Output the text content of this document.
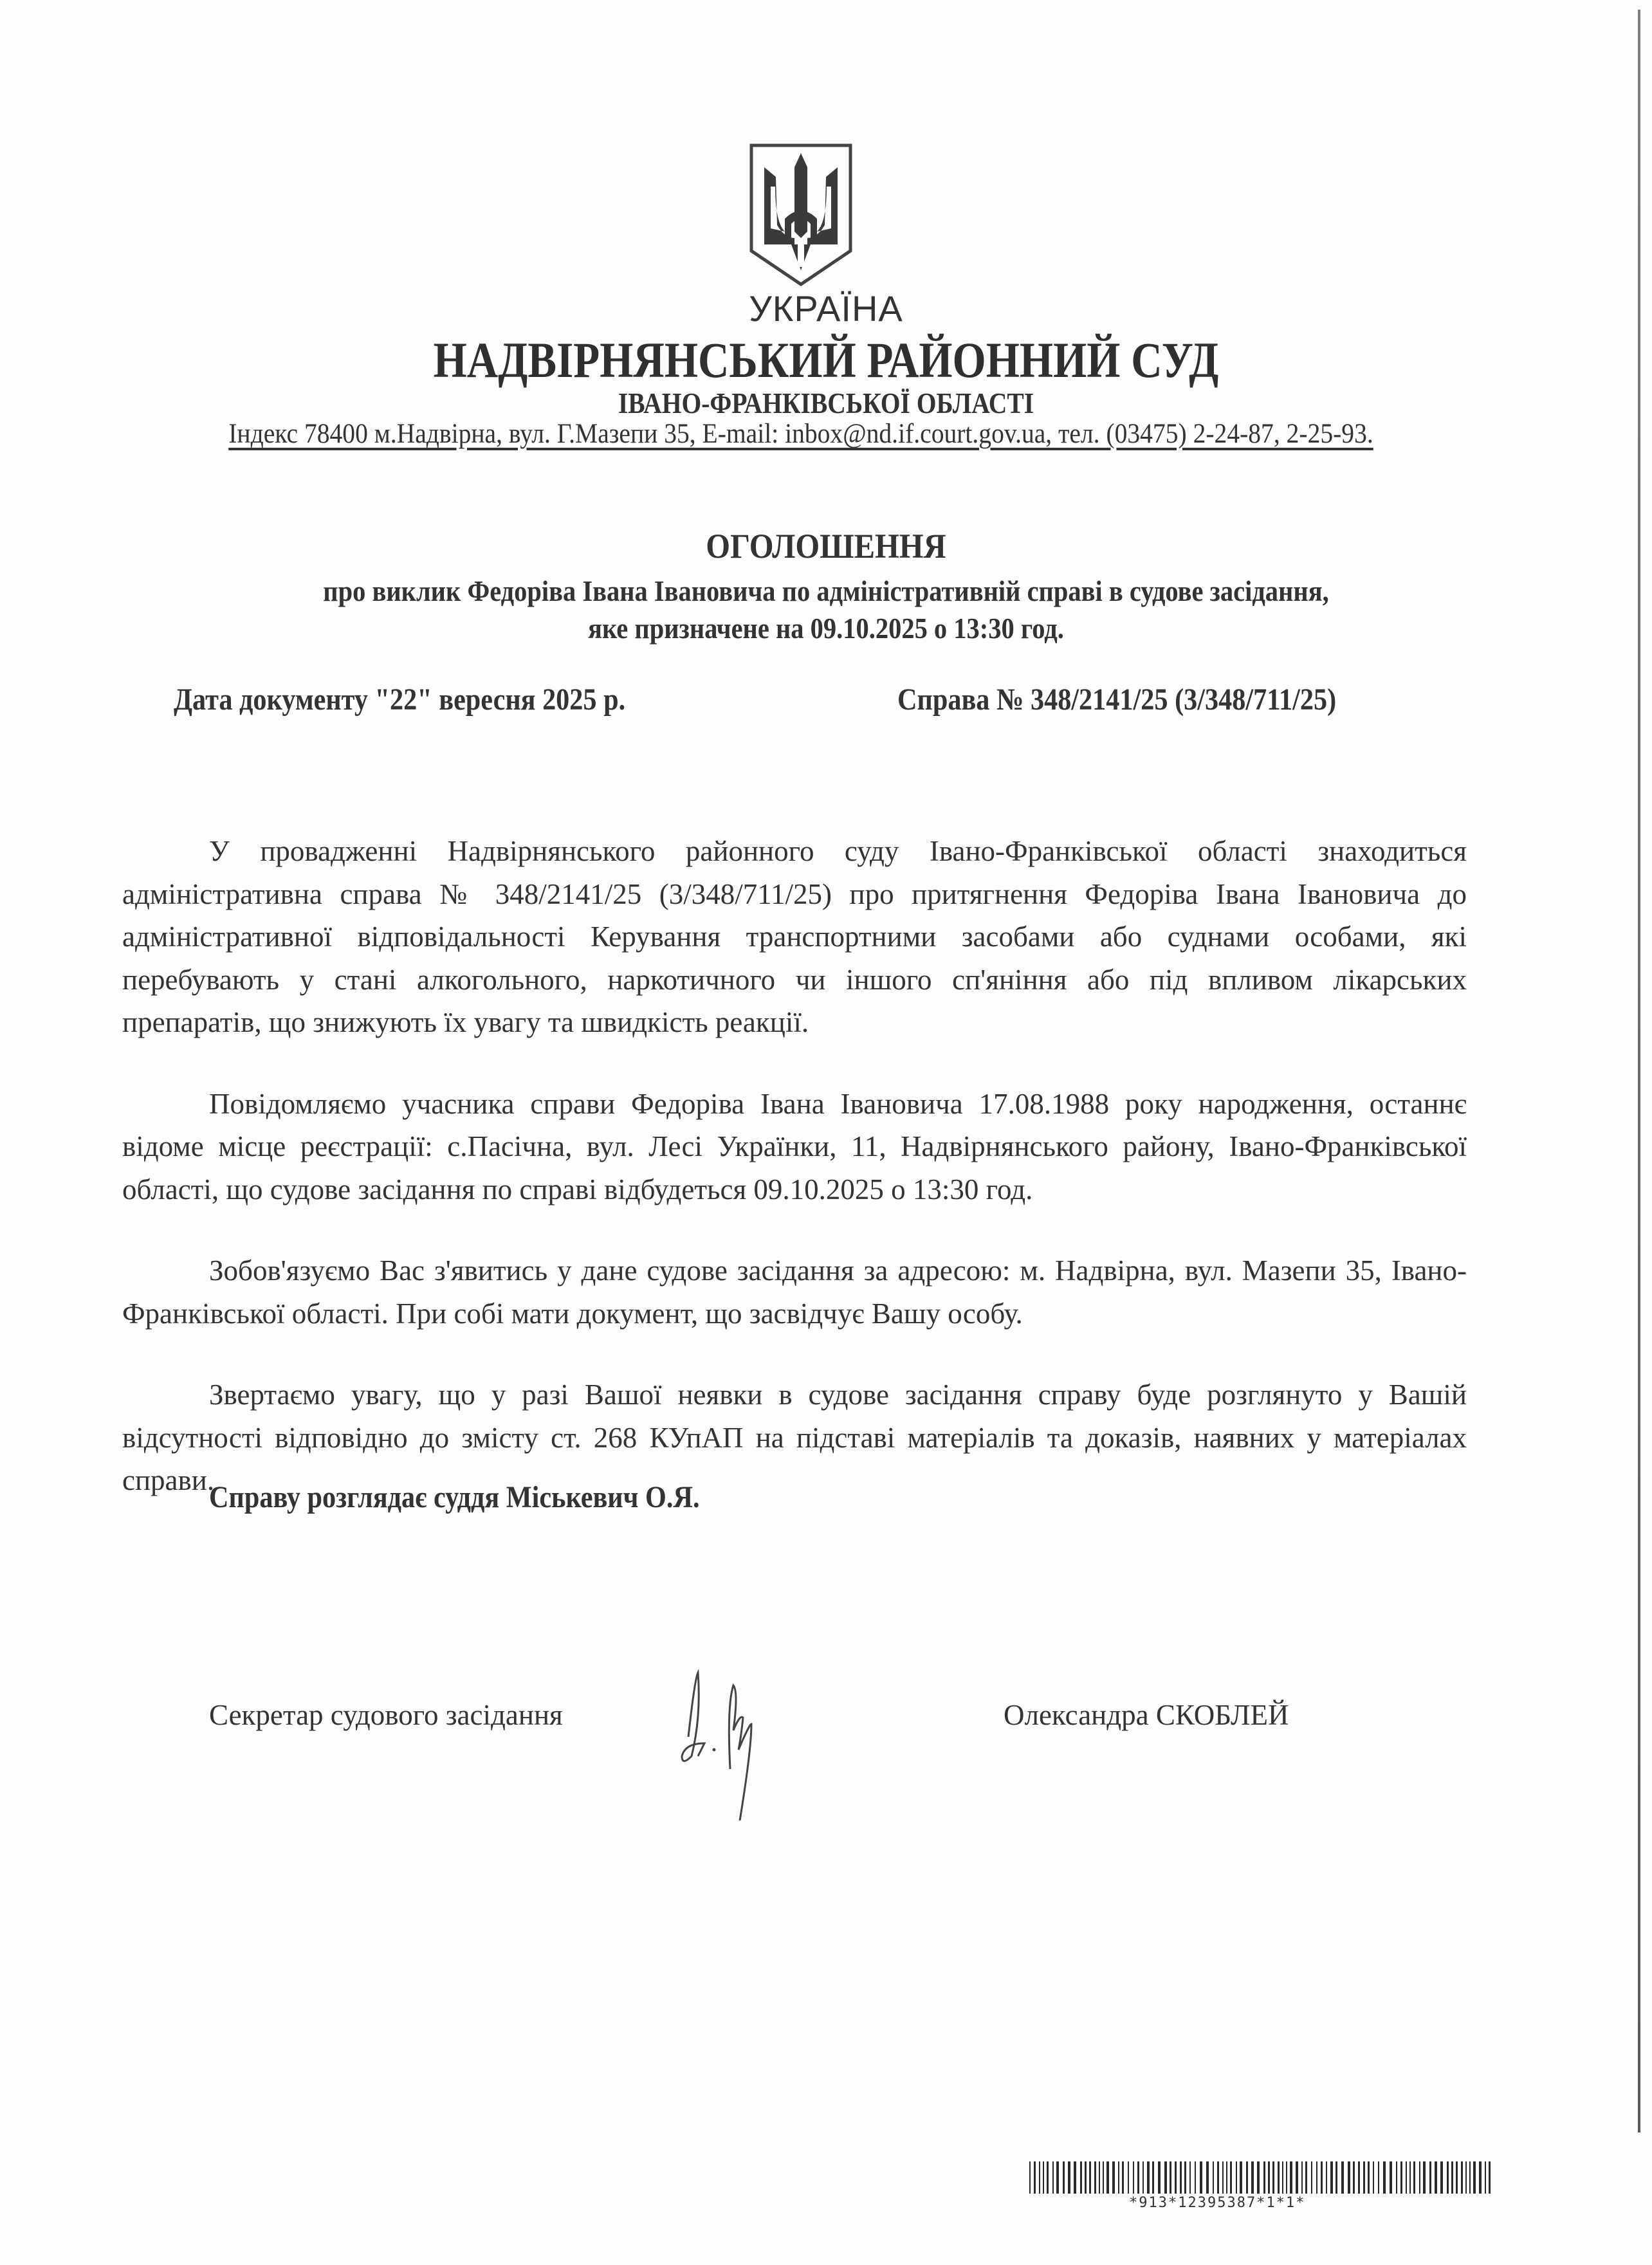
УКРАЇНА
НАДВІРНЯНСЬКИЙ РАЙОННИЙ СУД
ІВАНО-ФРАНКІВСЬКОЇ ОБЛАСТІ
Індекс 78400 м.Надвірна, вул. Г.Мазепи 35, E-mail: inbox@nd.if.court.gov.ua, тел. (03475) 2-24-87, 2-25-93.
ОГОЛОШЕННЯ
про виклик Федоріва Івана Івановича по адміністративній справі в судове засідання,
яке призначене на 09.10.2025 о 13:30 год.
Дата документу "22" вересня 2025 р.	Справа № 348/2141/25 (3/348/711/25)

У провадженні Надвірнянського районного суду Івано-Франківської області знаходиться адміністративна справа № 348/2141/25 (3/348/711/25) про притягнення Федоріва Івана Івановича до адміністративної відповідальності Керування транспортними засобами або суднами особами, які перебувають у стані алкогольного, наркотичного чи іншого сп'яніння або під впливом лікарських препаратів, що знижують їх увагу та швидкість реакції.

Повідомляємо учасника справи Федоріва Івана Івановича 17.08.1988 року народження, останнє відоме місце реєстрації: с.Пасічна, вул. Лесі Українки, 11, Надвірнянського району, Івано-Франківської області, що судове засідання по справі відбудеться 09.10.2025 о 13:30 год.

Зобов'язуємо Вас з'явитись у дане судове засідання за адресою: м. Надвірна, вул. Мазепи 35, Івано-Франківської області. При собі мати документ, що засвідчує Вашу особу.

Звертаємо увагу, що у разі Вашої неявки в судове засідання справу буде розглянуто у Вашій відсутності відповідно до змісту ст. 268 КУпАП на підставі матеріалів та доказів, наявних у матеріалах справи.

Справу розглядає суддя Міськевич О.Я.
Секретар судового засідання	Олександра СКОБЛЕЙ
*913*12395387*1*1*
